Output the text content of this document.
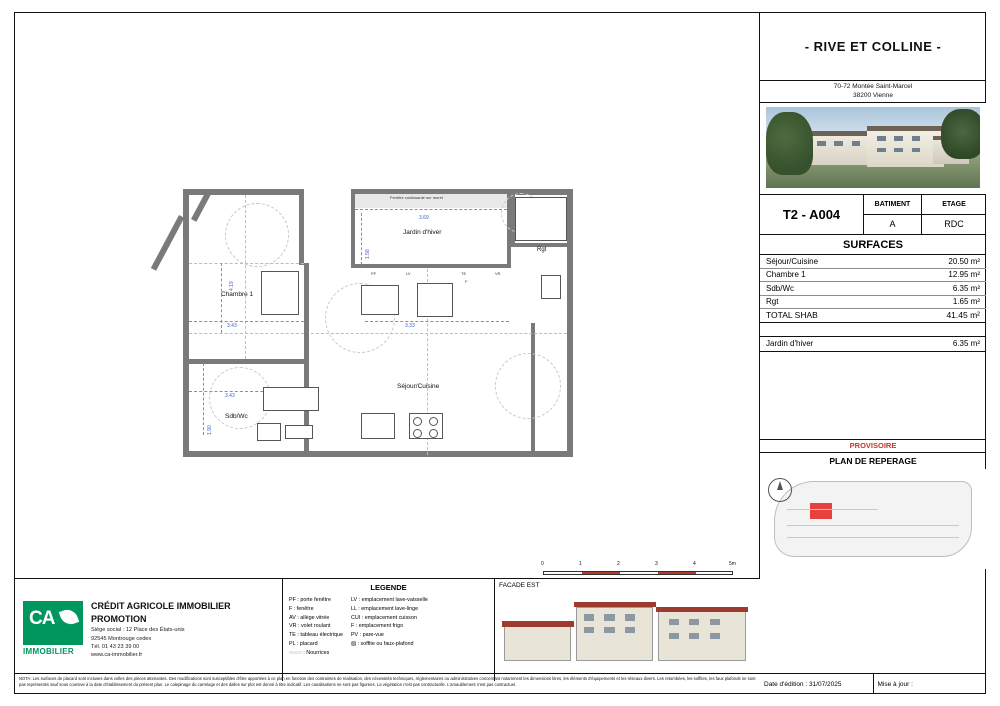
Chambre 1
Séjour/Cuisine
Sdb/Wc
Jardin d'hiver
Rgt
Fenêtre coulissante sur muret
3.69
4.19
3.43	3.33
3.43
1.90
1.58
PF	VR
F
TE
LV
0	1	2	3	4	5m
- RIVE ET COLLINE -
70-72 Montée Saint-Marcel
38200 Vienne
T2 - A004
BATIMENT	ETAGE
A	RDC
SURFACES
Séjour/Cuisine	20.50 m²
Chambre 1	12.95 m²
Sdb/Wc	6.35 m²
Rgt	1.65 m²
TOTAL SHAB	41.45 m²
Jardin d'hiver	6.35 m²
PROVISOIRE
PLAN DE REPERAGE
Date d'édition : 31/07/2025	Mise à jour :
CA
IMMOBILIER
CRÉDIT AGRICOLE IMMOBILIER
PROMOTION
Siège social : 12 Place des États-unis
92545 Montrouge cedex
Tél. 01 43 23 39 00
www.ca-immobilier.fr
LEGENDE
PF : porte fenêtre
F : fenêtre
AV : allège vitrée
VR : volet roulant
TE : tableau électrique
PL : placard
◌◌◌◌ : Nourrices
LV : emplacement lave-vaisselle
LL : emplacement lave-linge
CUI : emplacement cuisson
F : emplacement frigo
PV : pare-vue
▨ : soffite ou faux-plafond
FACADE EST
NOTA: Les surfaces de placard sont incluses dans celles des pièces attenantes. Des modifications sont susceptibles d'être apportées à ce plan en fonction des contraintes de réalisation, des nécessités techniques, réglementaires ou administratives concernant notamment les dimensions litres, les éléments d'équipements et les réseaux divers. Les retombées, les soffites, les faux plafonds ne sont pas représentés sauf sous coursive à la date d'établissement du présent plan. Le calepinage du carrelage et des dalles sur plot est donné à titre indicatif. Les canalisations ne sont pas figurées. La végétation n'est pas contractuelle. L'amaublement n'est pas contractuel.
